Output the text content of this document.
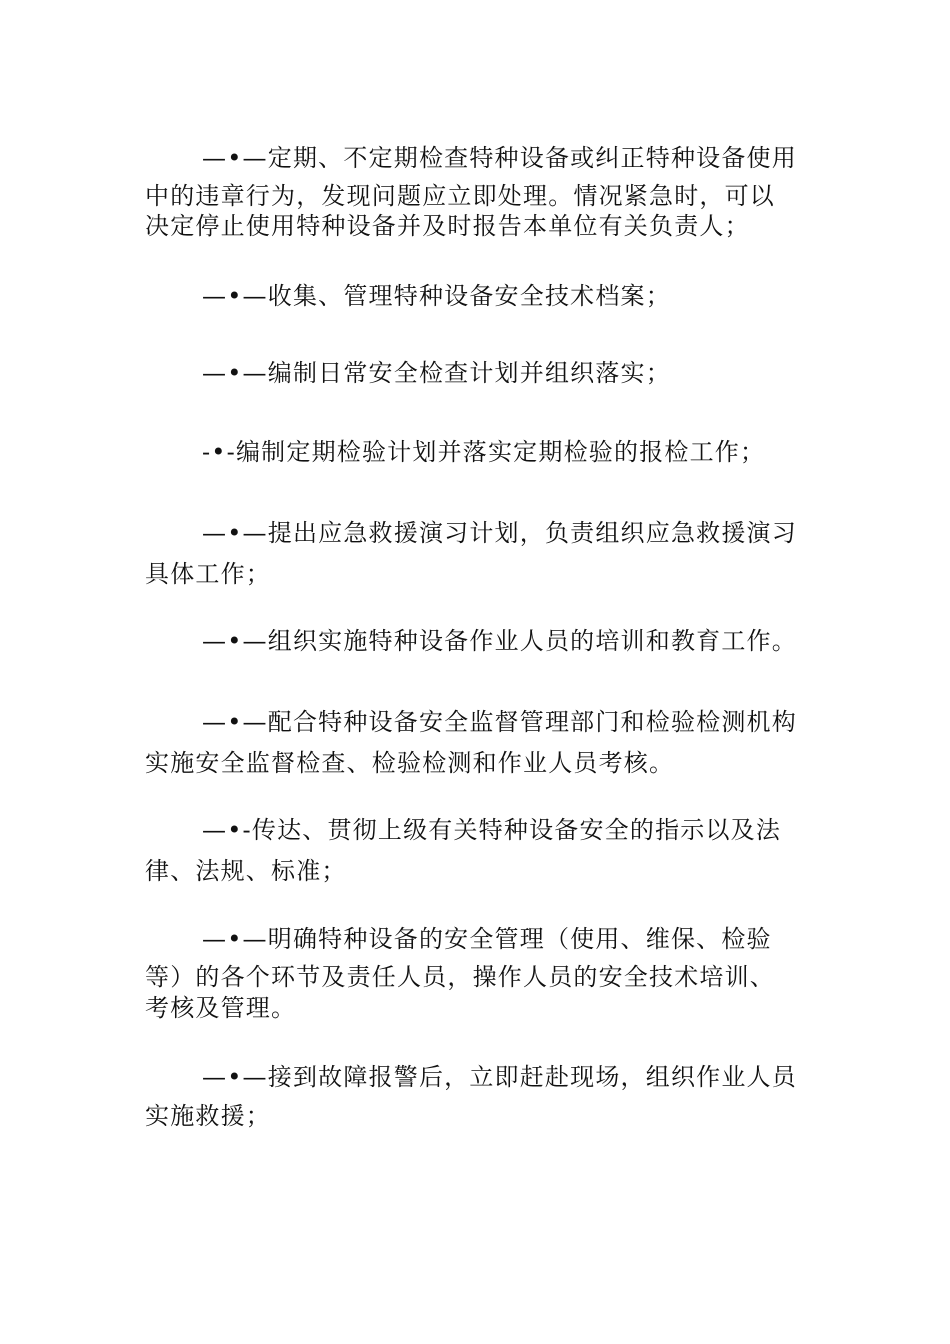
—•—定期、不定期检查特种设备或纠正特种设备使用
中的违章行为，发现问题应立即处理。情况紧急时，可以
决定停止使用特种设备并及时报告本单位有关负责人；
—•—收集、管理特种设备安全技术档案；
—•—编制日常安全检查计划并组织落实；
-•-编制定期检验计划并落实定期检验的报检工作；
—•—提出应急救援演习计划，负责组织应急救援演习
具体工作；
—•—组织实施特种设备作业人员的培训和教育工作。
—•—配合特种设备安全监督管理部门和检验检测机构
实施安全监督检查、检验检测和作业人员考核。
—•-传达、贯彻上级有关特种设备安全的指示以及法
律、法规、标准；
—•—明确特种设备的安全管理（使用、维保、检验
等）的各个环节及责任人员，操作人员的安全技术培训、
考核及管理。
—•—接到故障报警后，立即赶赴现场，组织作业人员
实施救援；
